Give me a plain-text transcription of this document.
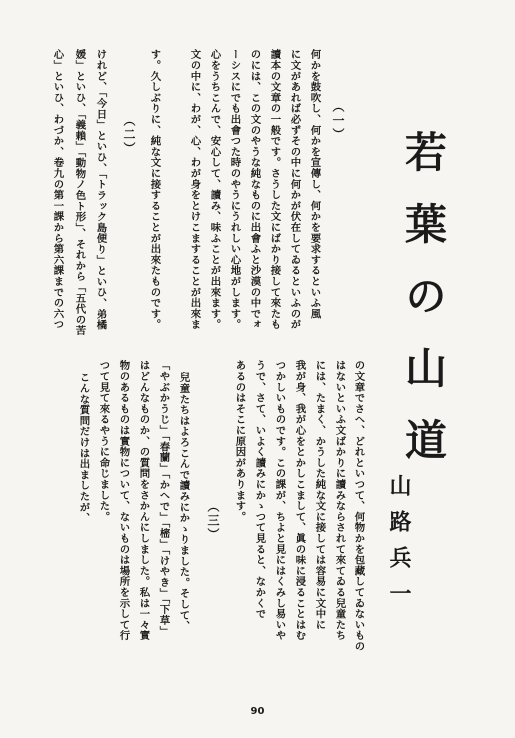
若葉の山道
山路兵一
（一）
何かを鼓吹し、何かを宣傳し、何かを要求するといふ風
に文があれば必ずその中に何かが伏在してゐるといふのが
讀本の文章の一般です。さうした文にばかり接して來たも
のには、この文のやうな純なものに出會ふと沙漠の中でォ
ーシスにでも出會つた時のやうにうれしい心地がします。
心をうちこんで、安心して、讀み、味ふことが出來ます。
文の中に、わが、心、わが身をとけこますることが出來ま
す。久しぶりに、純な文に接することが出來たものです。
（二）
けれど、「今日」といひ、「トラック島便り」といひ、弟橘
媛」といひ、「義賴」「動物ノ色ト形」、それから「五代の苦
心」といひ、わづか、卷九の第一課から第六課までの六つ
の文章でさへ、どれといつて、何物かを包藏してゐないもの
はないといふ文ばかりに讀みならされて來てゐる兒童たち
には、たまく、かうした純な文に接しては容易に文中に
我が身、我が心をとかしこまして、眞の味に浸ることはむ
つかしいものです。この課が、ちよと見にはくみし易いや
うで、さて、いよく讀みにかゝつて見ると、なかくで
あるのはそこに原因があります。
（三）
兒童たちはよろこんで讀みにかゝりました。そして、
「やぶかうじ」「春蘭」「かへで」「樒」「けやき」「下草」
はどんなものか、の質問をさかんにしました。私は一々實
物のあるものは實物について、ないものは場所を示して行
つて見て來るやうに命じました。
こんな質問だけは出ましたが、
90
